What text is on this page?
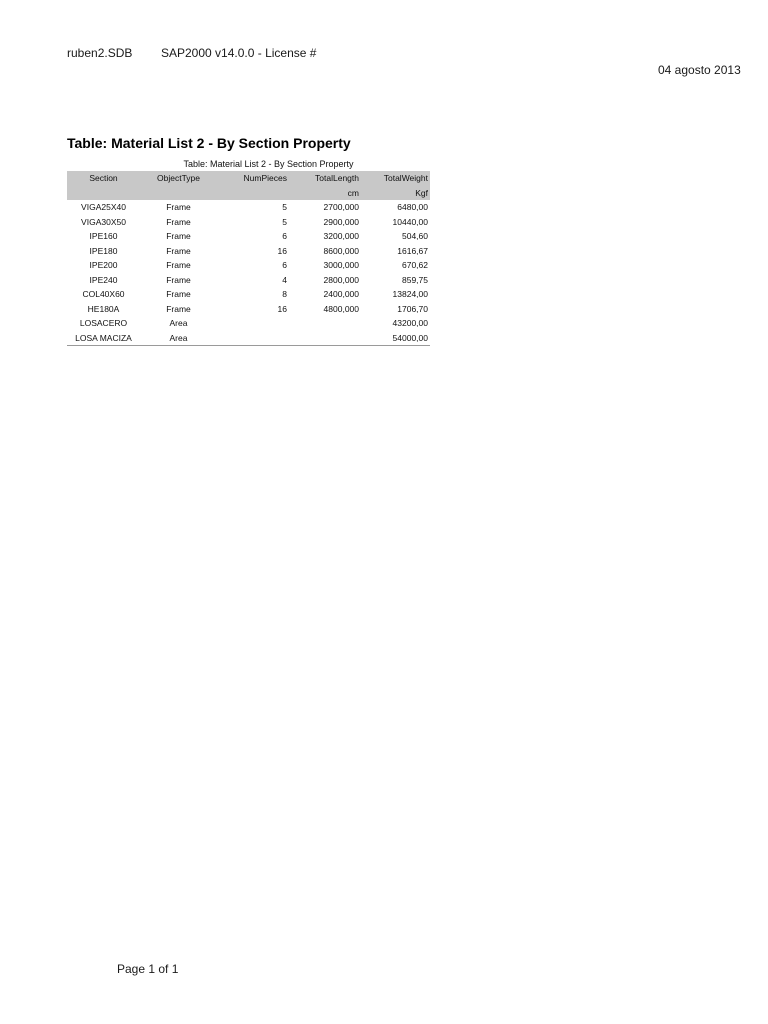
ruben2.SDB SAP2000 v14.0.0 - License #
04 agosto 2013
Table: Material List 2 - By Section Property
Table: Material List 2 - By Section Property
Section	ObjectType	NumPieces	TotalLength	TotalWeight
			cm	Kgf
VIGA25X40	Frame	5	2700,000	6480,00
VIGA30X50	Frame	5	2900,000	10440,00
IPE160	Frame	6	3200,000	504,60
IPE180	Frame	16	8600,000	1616,67
IPE200	Frame	6	3000,000	670,62
IPE240	Frame	4	2800,000	859,75
COL40X60	Frame	8	2400,000	13824,00
HE180A	Frame	16	4800,000	1706,70
LOSACERO	Area			43200,00
LOSA MACIZA	Area			54000,00
Page 1 of 1
